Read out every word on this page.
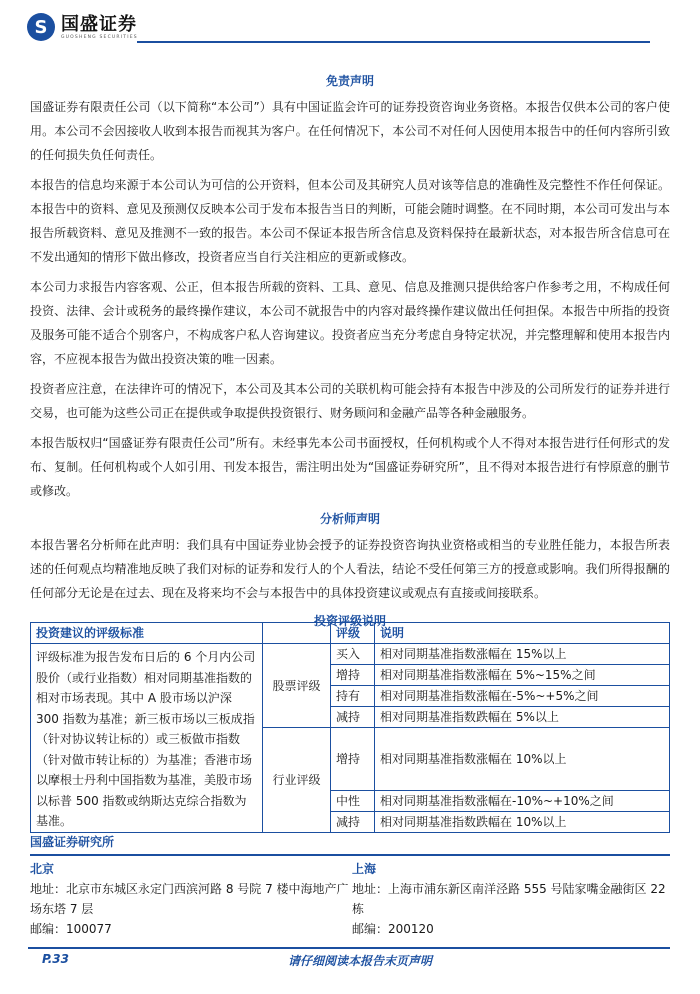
S 国盛证券
GUOSHENG SECURITIES
免责声明

国盛证券有限责任公司（以下简称“本公司”）具有中国证监会许可的证券投资咨询业务资格。本报告仅供本公司的客户使用。本公司不会因接收人收到本报告而视其为客户。在任何情况下，本公司不对任何人因使用本报告中的任何内容所引致的任何损失负任何责任。

本报告的信息均来源于本公司认为可信的公开资料，但本公司及其研究人员对该等信息的准确性及完整性不作任何保证。本报告中的资料、意见及预测仅反映本公司于发布本报告当日的判断，可能会随时调整。在不同时期，本公司可发出与本报告所载资料、意见及推测不一致的报告。本公司不保证本报告所含信息及资料保持在最新状态，对本报告所含信息可在不发出通知的情形下做出修改，投资者应当自行关注相应的更新或修改。

本公司力求报告内容客观、公正，但本报告所载的资料、工具、意见、信息及推测只提供给客户作参考之用，不构成任何投资、法律、会计或税务的最终操作建议，本公司不就报告中的内容对最终操作建议做出任何担保。本报告中所指的投资及服务可能不适合个别客户，不构成客户私人咨询建议。投资者应当充分考虑自身特定状况，并完整理解和使用本报告内容，不应视本报告为做出投资决策的唯一因素。

投资者应注意，在法律许可的情况下，本公司及其本公司的关联机构可能会持有本报告中涉及的公司所发行的证券并进行交易，也可能为这些公司正在提供或争取提供投资银行、财务顾问和金融产品等各种金融服务。

本报告版权归“国盛证券有限责任公司”所有。未经事先本公司书面授权，任何机构或个人不得对本报告进行任何形式的发布、复制。任何机构或个人如引用、刊发本报告，需注明出处为“国盛证券研究所”，且不得对本报告进行有悖原意的删节或修改。

分析师声明

本报告署名分析师在此声明：我们具有中国证券业协会授予的证券投资咨询执业资格或相当的专业胜任能力，本报告所表述的任何观点均精准地反映了我们对标的证券和发行人的个人看法，结论不受任何第三方的授意或影响。我们所得报酬的任何部分无论是在过去、现在及将来均不会与本报告中的具体投资建议或观点有直接或间接联系。

投资评级说明
投资建议的评级标准		评级	说明
评级标准为报告发布日后的 6 个月内公司股价（或行业指数）相对同期基准指数的相对市场表现。其中 A 股市场以沪深 300 指数为基准；新三板市场以三板成指（针对协议转让标的）或三板做市指数（针对做市转让标的）为基准；香港市场以摩根士丹利中国指数为基准，美股市场以标普 500 指数或纳斯达克综合指数为基准。	股票评级	买入	相对同期基准指数涨幅在 15%以上
		增持	相对同期基准指数涨幅在 5%~15%之间
		持有	相对同期基准指数涨幅在-5%~+5%之间
		减持	相对同期基准指数跌幅在 5%以上
	行业评级	增持	相对同期基准指数涨幅在 10%以上
		中性	相对同期基准指数涨幅在-10%~+10%之间
		减持	相对同期基准指数跌幅在 10%以上
国盛证券研究所
北京
地址：北京市东城区永定门西滨河路 8 号院 7 楼中海地产广场东塔 7 层
邮编：100077
上海
地址：上海市浦东新区南洋泾路 555 号陆家嘴金融街区 22 栋
邮编：200120
请仔细阅读本报告末页声明
P.33
